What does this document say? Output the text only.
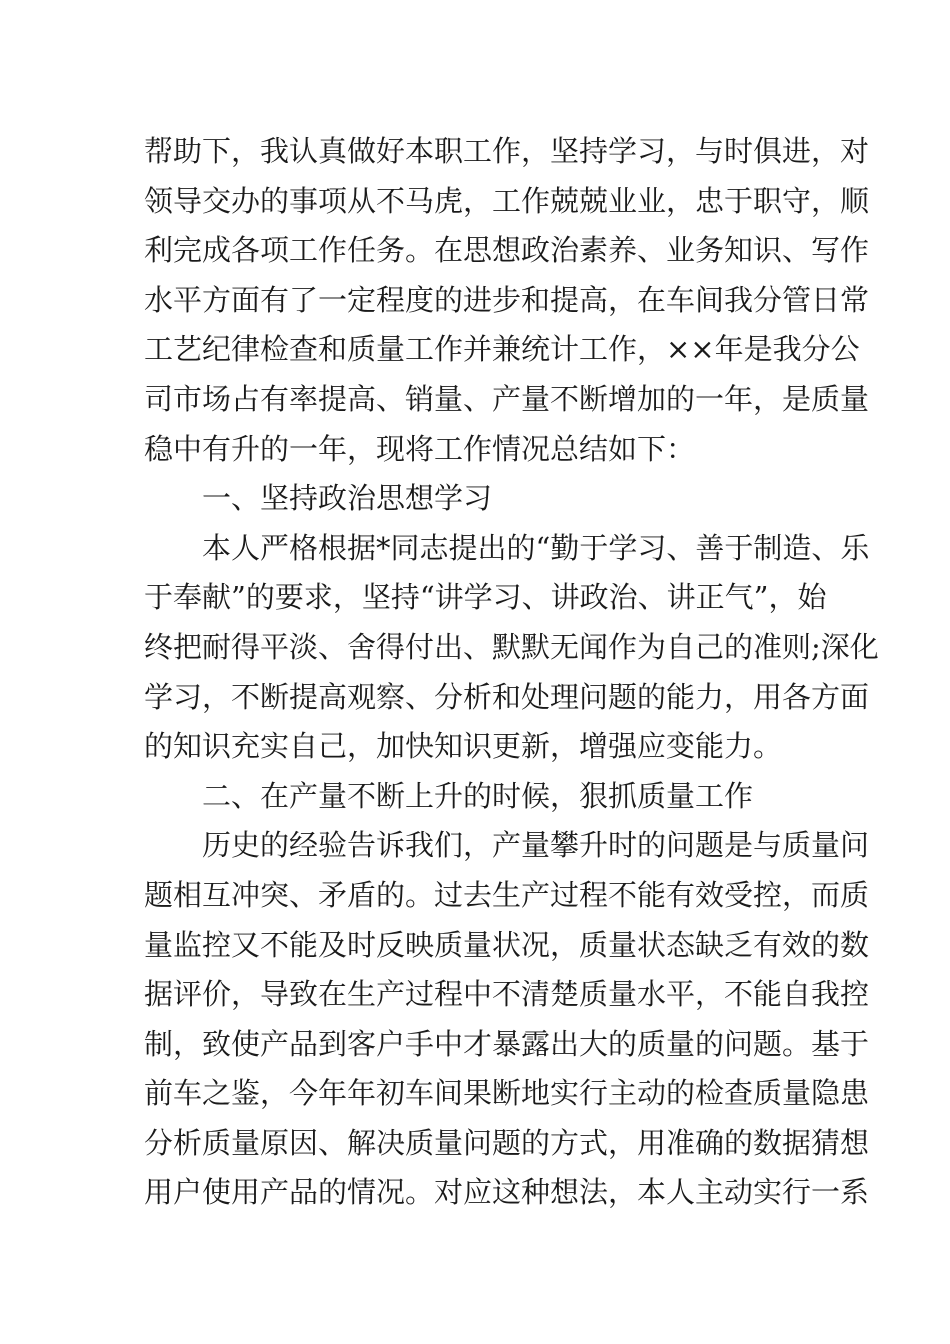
帮助下，我认真做好本职工作，坚持学习，与时俱进，对
领导交办的事项从不马虎，工作兢兢业业，忠于职守，顺
利完成各项工作任务。在思想政治素养、业务知识、写作
水平方面有了一定程度的进步和提高，在车间我分管日常
工艺纪律检查和质量工作并兼统计工作，××年是我分公
司市场占有率提高、销量、产量不断增加的一年，是质量
稳中有升的一年，现将工作情况总结如下：
一、坚持政治思想学习
本人严格根据*同志提出的“勤于学习、善于制造、乐
于奉献”的要求，坚持“讲学习、讲政治、讲正气”，始
终把耐得平淡、舍得付出、默默无闻作为自己的准则;深化
学习，不断提高观察、分析和处理问题的能力，用各方面
的知识充实自己，加快知识更新，增强应变能力。
二、在产量不断上升的时候，狠抓质量工作
历史的经验告诉我们，产量攀升时的问题是与质量问
题相互冲突、矛盾的。过去生产过程不能有效受控，而质
量监控又不能及时反映质量状况，质量状态缺乏有效的数
据评价，导致在生产过程中不清楚质量水平，不能自我控
制，致使产品到客户手中才暴露出大的质量的问题。基于
前车之鉴，今年年初车间果断地实行主动的检查质量隐患
分析质量原因、解决质量问题的方式，用准确的数据猜想
用户使用产品的情况。对应这种想法，本人主动实行一系
